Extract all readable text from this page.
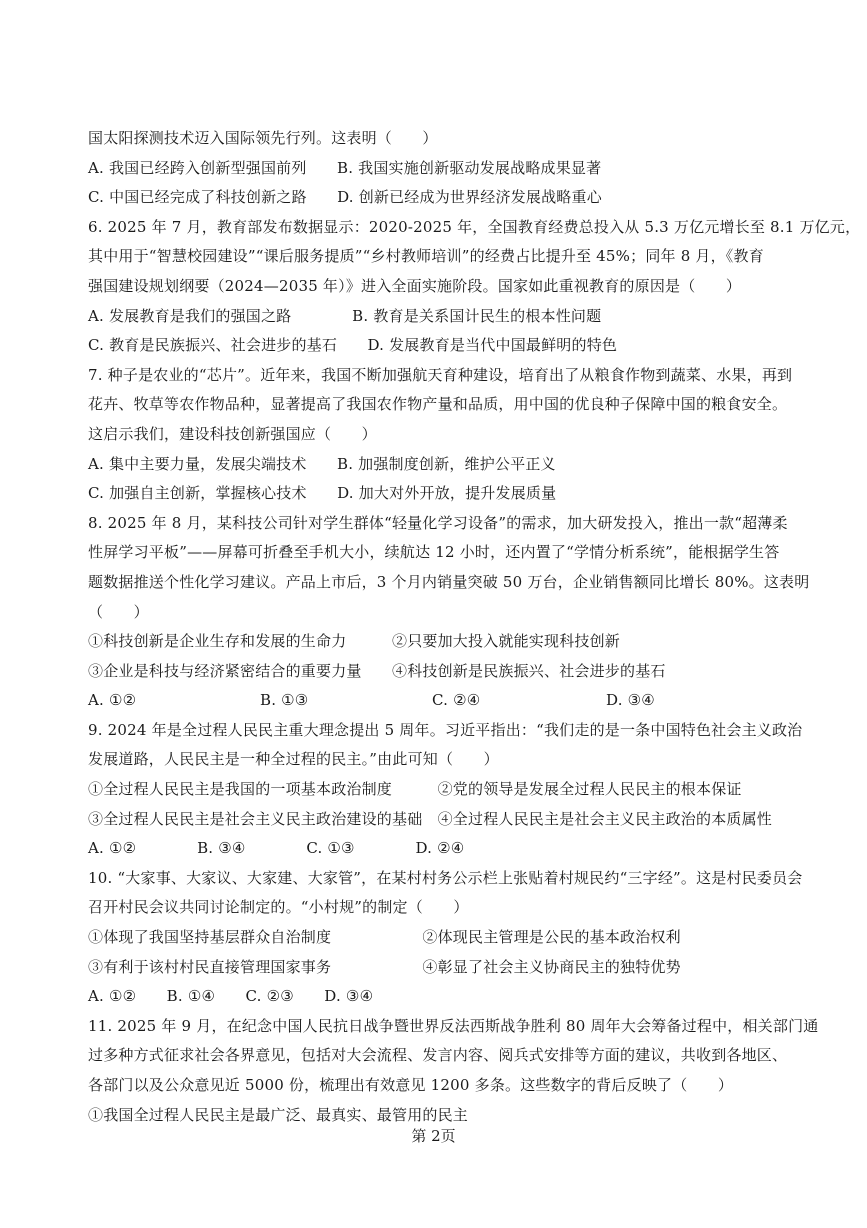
国太阳探测技术迈入国际领先行列。这表明（　　）
A. 我国已经跨入创新型强国前列　　B. 我国实施创新驱动发展战略成果显著
C. 中国已经完成了科技创新之路　　D. 创新已经成为世界经济发展战略重心
6. 2025 年 7 月，教育部发布数据显示：2020-2025 年，全国教育经费总投入从 5.3 万亿元增长至 8.1 万亿元，
其中用于“智慧校园建设”“课后服务提质”“乡村教师培训”的经费占比提升至 45%；同年 8 月，《教育
强国建设规划纲要（2024—2035 年）》进入全面实施阶段。国家如此重视教育的原因是（　　）
A. 发展教育是我们的强国之路　　　　B. 教育是关系国计民生的根本性问题
C. 教育是民族振兴、社会进步的基石　　D. 发展教育是当代中国最鲜明的特色
7. 种子是农业的“芯片”。近年来，我国不断加强航天育种建设，培育出了从粮食作物到蔬菜、水果，再到
花卉、牧草等农作物品种，显著提高了我国农作物产量和品质，用中国的优良种子保障中国的粮食安全。
这启示我们，建设科技创新强国应（　　）
A. 集中主要力量，发展尖端技术　　B. 加强制度创新，维护公平正义
C. 加强自主创新，掌握核心技术　　D. 加大对外开放，提升发展质量
8. 2025 年 8 月，某科技公司针对学生群体“轻量化学习设备”的需求，加大研发投入，推出一款“超薄柔
性屏学习平板”——屏幕可折叠至手机大小，续航达 12 小时，还内置了“学情分析系统”，能根据学生答
题数据推送个性化学习建议。产品上市后，3 个月内销量突破 50 万台，企业销售额同比增长 80%。这表明
（　　）
①科技创新是企业生存和发展的生命力　　　②只要加大投入就能实现科技创新
③企业是科技与经济紧密结合的重要力量　　④科技创新是民族振兴、社会进步的基石
A. ①②	B. ①③	C. ②④	D. ③④
9. 2024 年是全过程人民民主重大理念提出 5 周年。习近平指出：“我们走的是一条中国特色社会主义政治
发展道路，人民民主是一种全过程的民主。”由此可知（　　）
①全过程人民民主是我国的一项基本政治制度　　　②党的领导是发展全过程人民民主的根本保证
③全过程人民民主是社会主义民主政治建设的基础　④全过程人民民主是社会主义民主政治的本质属性
A. ①②　　　　B. ③④　　　　C. ①③　　　　D. ②④
10. “大家事、大家议、大家建、大家管”，在某村村务公示栏上张贴着村规民约“三字经”。这是村民委员会
召开村民会议共同讨论制定的。“小村规”的制定（　　）
①体现了我国坚持基层群众自治制度　　　　　　②体现民主管理是公民的基本政治权利
③有利于该村村民直接管理国家事务　　　　　　④彰显了社会主义协商民主的独特优势
A. ①②　　B. ①④　　C. ②③　　D. ③④
11. 2025 年 9 月，在纪念中国人民抗日战争暨世界反法西斯战争胜利 80 周年大会筹备过程中，相关部门通
过多种方式征求社会各界意见，包括对大会流程、发言内容、阅兵式安排等方面的建议，共收到各地区、
各部门以及公众意见近 5000 份，梳理出有效意见 1200 多条。这些数字的背后反映了（　　）
①我国全过程人民民主是最广泛、最真实、最管用的民主
第 2页
